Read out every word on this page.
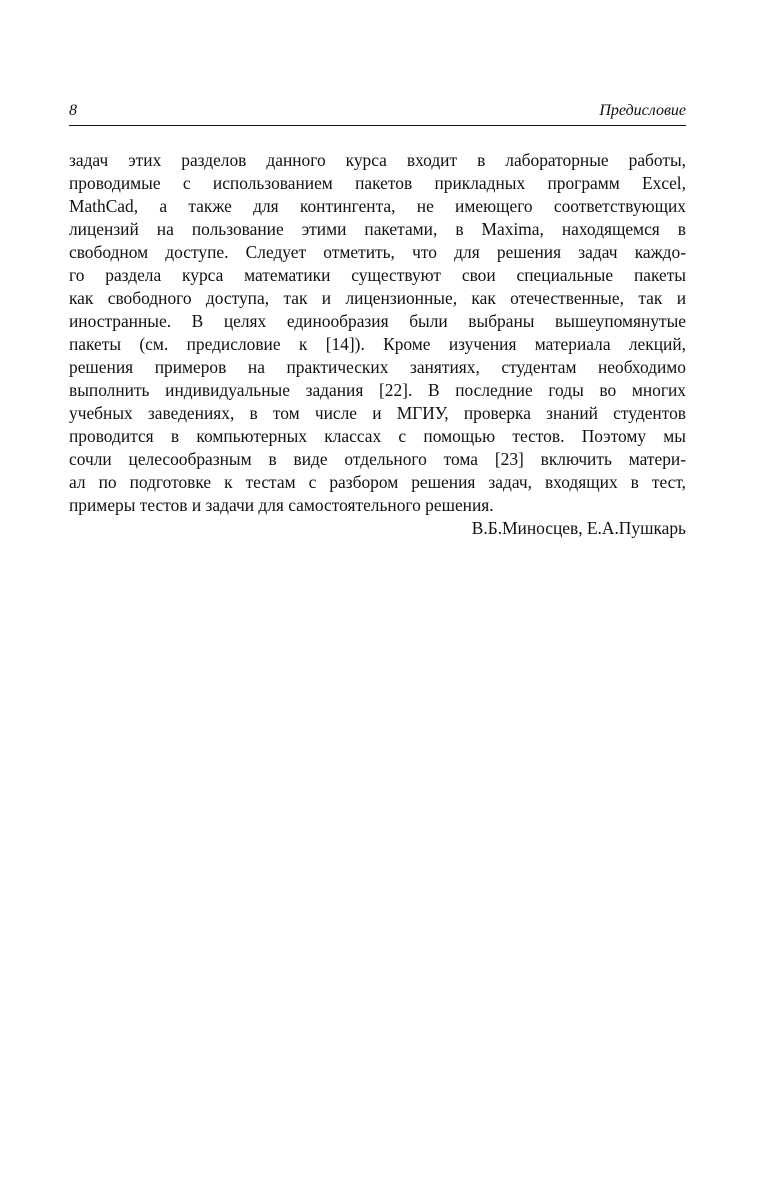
8	Предисловие
задач этих разделов данного курса входит в лабораторные работы,
проводимые с использованием пакетов прикладных программ Excel,
MathCad, а также для контингента, не имеющего соответствующих
лицензий на пользование этими пакетами, в Maxima, находящемся в
свободном доступе. Следует отметить, что для решения задач каждо-
го раздела курса математики существуют свои специальные пакеты
как свободного доступа, так и лицензионные, как отечественные, так и
иностранные. В целях единообразия были выбраны вышеупомянутые
пакеты (см. предисловие к [14]). Кроме изучения материала лекций,
решения примеров на практических занятиях, студентам необходимо
выполнить индивидуальные задания [22]. В последние годы во многих
учебных заведениях, в том числе и МГИУ, проверка знаний студентов
проводится в компьютерных классах с помощью тестов. Поэтому мы
сочли целесообразным в виде отдельного тома [23] включить матери-
ал по подготовке к тестам с разбором решения задач, входящих в тест,
примеры тестов и задачи для самостоятельного решения.
В.Б.Миносцев, Е.А.Пушкарь
